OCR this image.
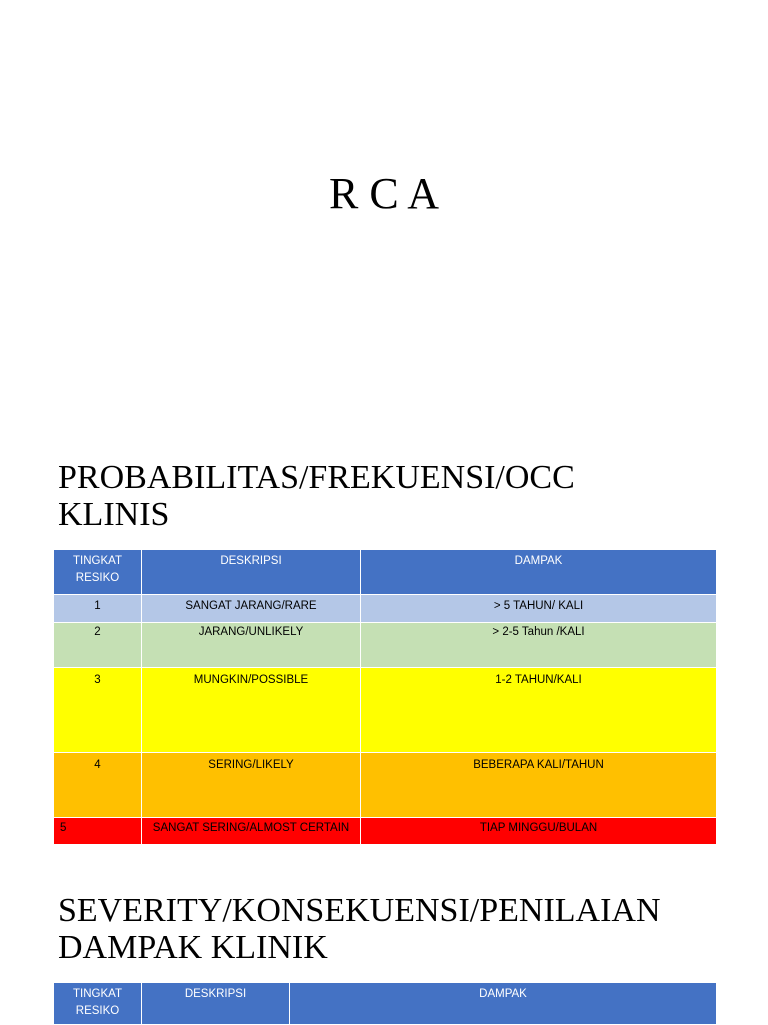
R C A
PROBABILITAS/FREKUENSI/OCC
KLINIS
TINGKAT
RESIKO	DESKRIPSI	DAMPAK
1	SANGAT JARANG/RARE	> 5 TAHUN/ KALI
2	JARANG/UNLIKELY	> 2-5 Tahun /KALI
3	MUNGKIN/POSSIBLE	1-2 TAHUN/KALI
4	SERING/LIKELY	BEBERAPA KALI/TAHUN
5	SANGAT SERING/ALMOST CERTAIN	TIAP MINGGU/BULAN
SEVERITY/KONSEKUENSI/PENILAIAN
DAMPAK KLINIK
TINGKAT
RESIKO	DESKRIPSI	DAMPAK
